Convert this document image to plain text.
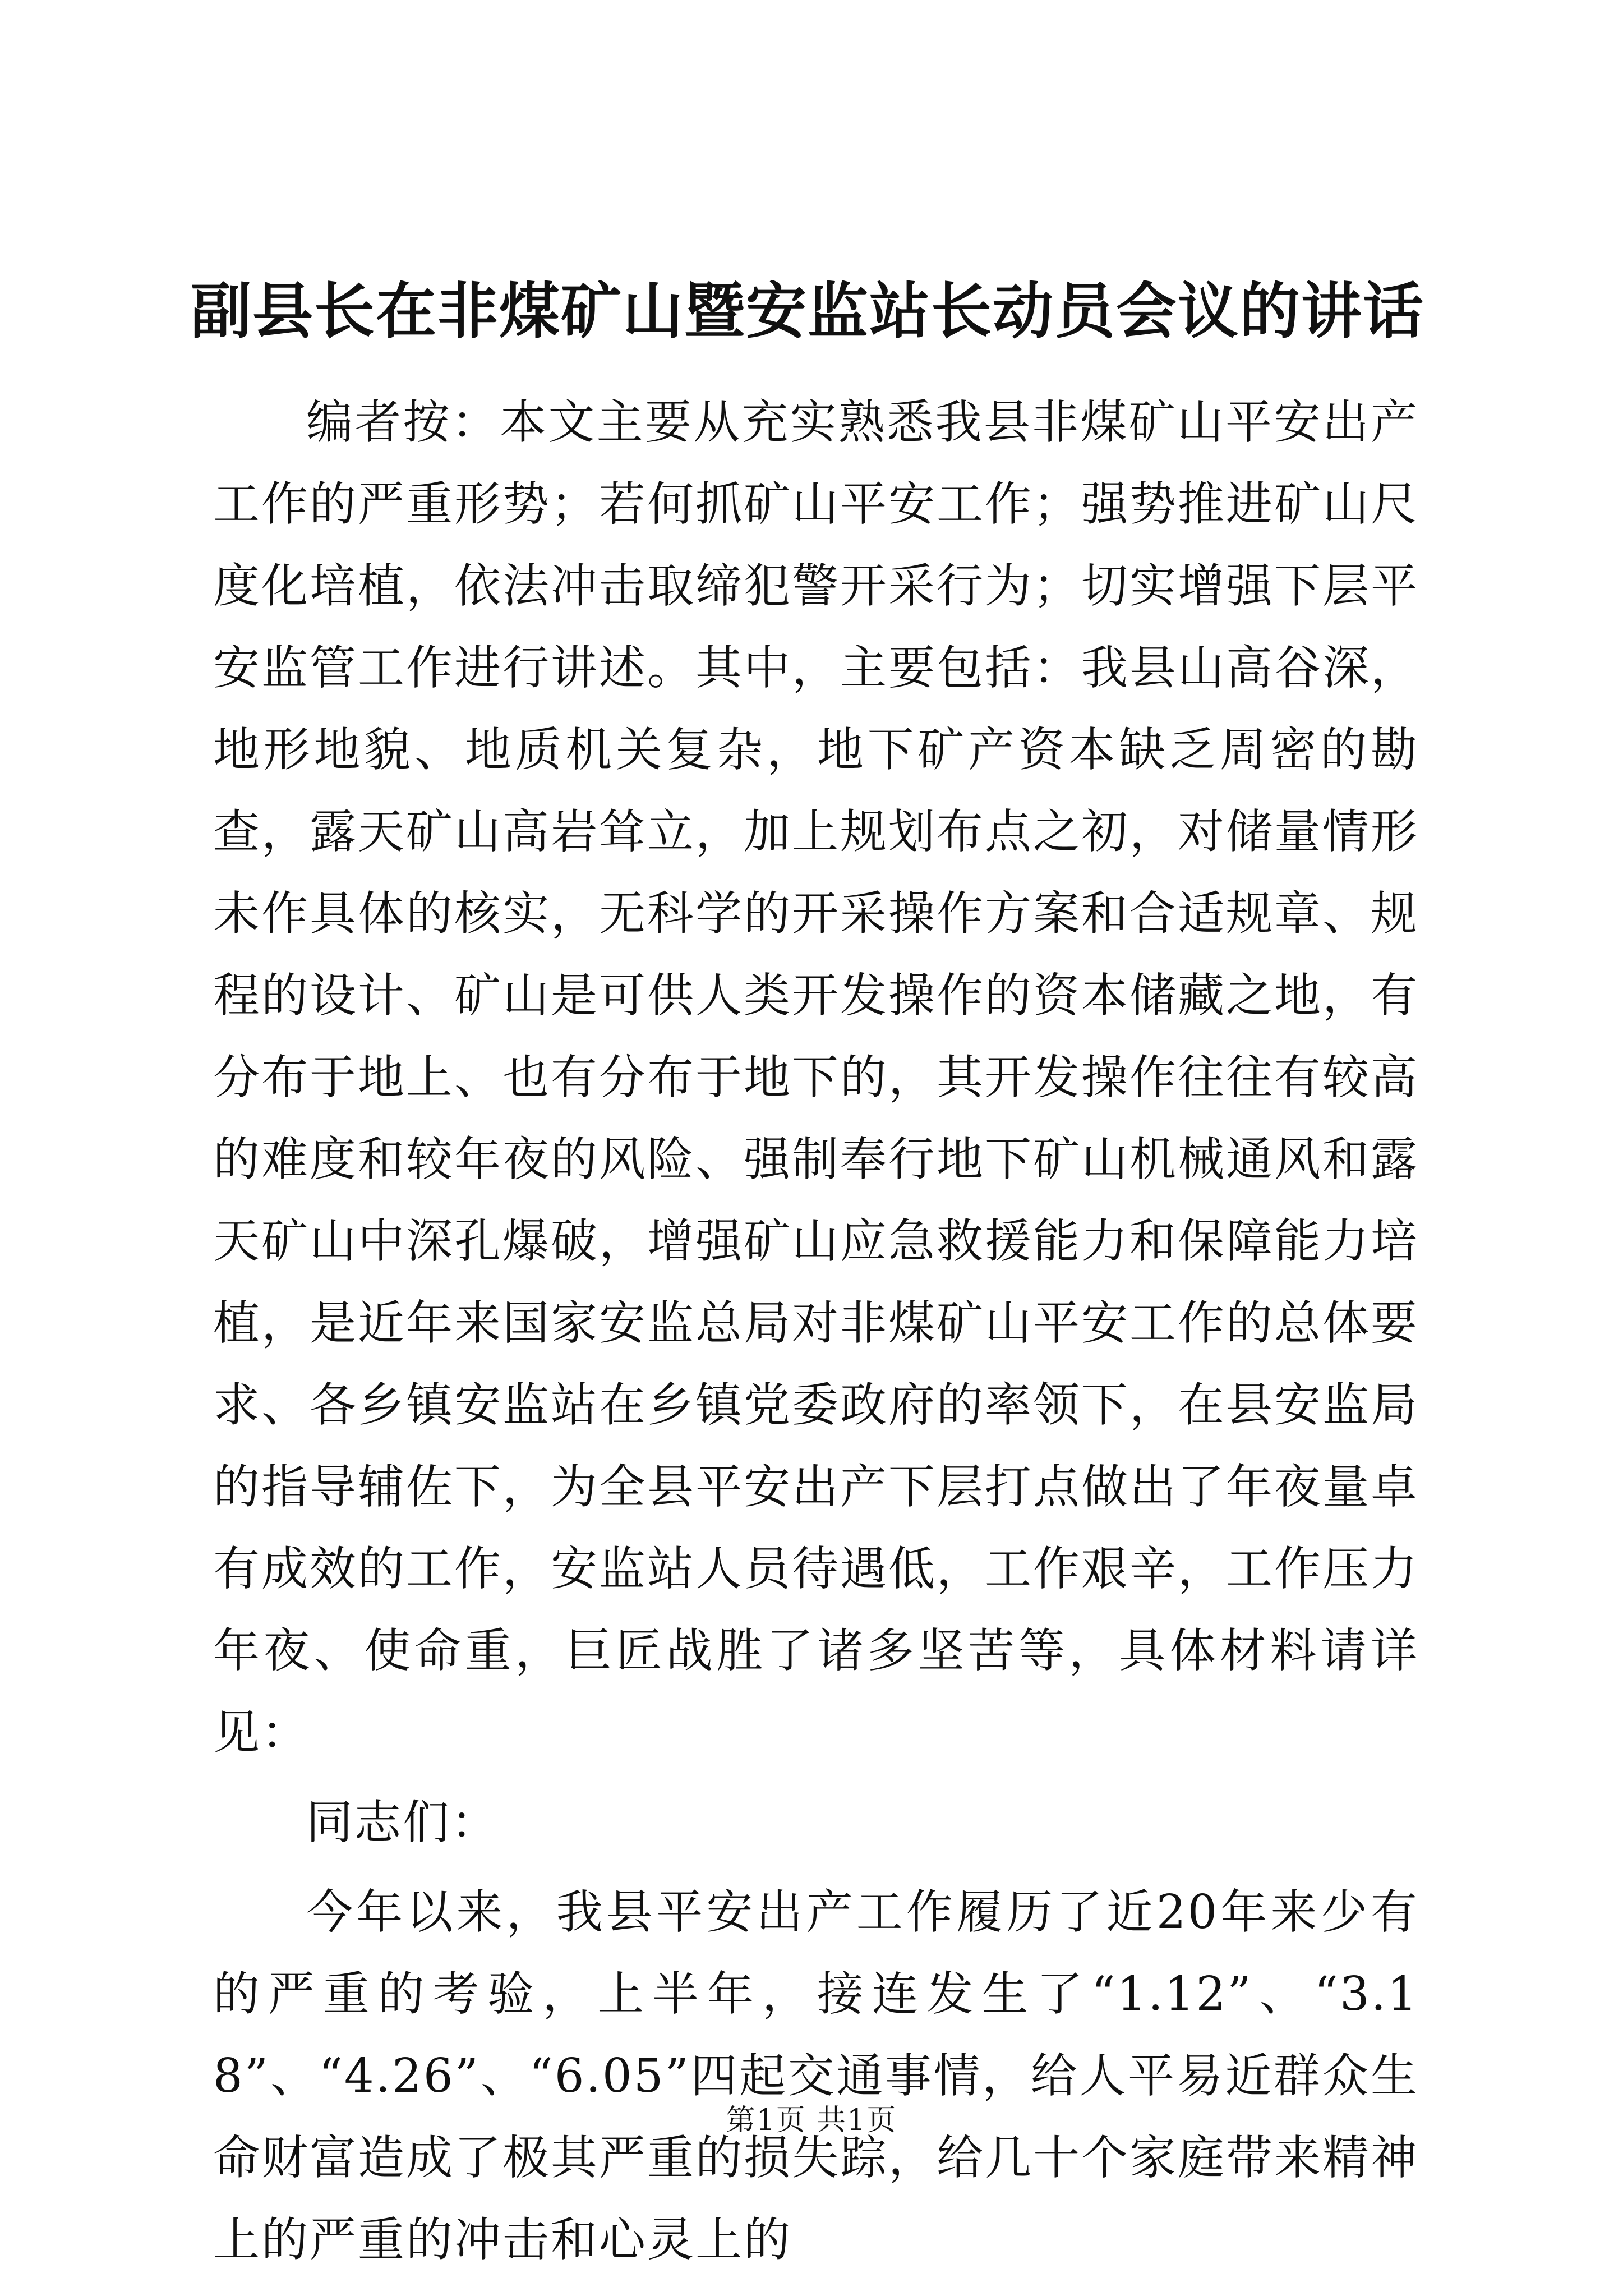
副县长在非煤矿山暨安监站长动员会议的讲话

编者按：本文主要从充实熟悉我县非煤矿山平安出产工作的严重形势；若何抓矿山平安工作；强势推进矿山尺度化培植，依法冲击取缔犯警开采行为；切实增强下层平安监管工作进行讲述。其中，主要包括：我县山高谷深，地形地貌、地质机关复杂，地下矿产资本缺乏周密的勘查，露天矿山高岩耸立，加上规划布点之初，对储量情形未作具体的核实，无科学的开采操作方案和合适规章、规程的设计、矿山是可供人类开发操作的资本储藏之地，有分布于地上、也有分布于地下的，其开发操作往往有较高的难度和较年夜的风险、强制奉行地下矿山机械通风和露天矿山中深孔爆破，增强矿山应急救援能力和保障能力培植，是近年来国家安监总局对非煤矿山平安工作的总体要求、各乡镇安监站在乡镇党委政府的率领下，在县安监局的指导辅佐下，为全县平安出产下层打点做出了年夜量卓有成效的工作，安监站人员待遇低，工作艰辛，工作压力年夜、使命重，巨匠战胜了诸多坚苦等，具体材料请详见：

同志们：

今年以来，我县平安出产工作履历了近20年来少有的严重的考验，上半年，接连发生了“1.12”、“3.18”、“4.26”、“6.05”四起交通事情，给人平易近群众生命财富造成了极其严重的损失踪，给几十个家庭带来精神上的严重的冲击和心灵上的

第1页 共1页
